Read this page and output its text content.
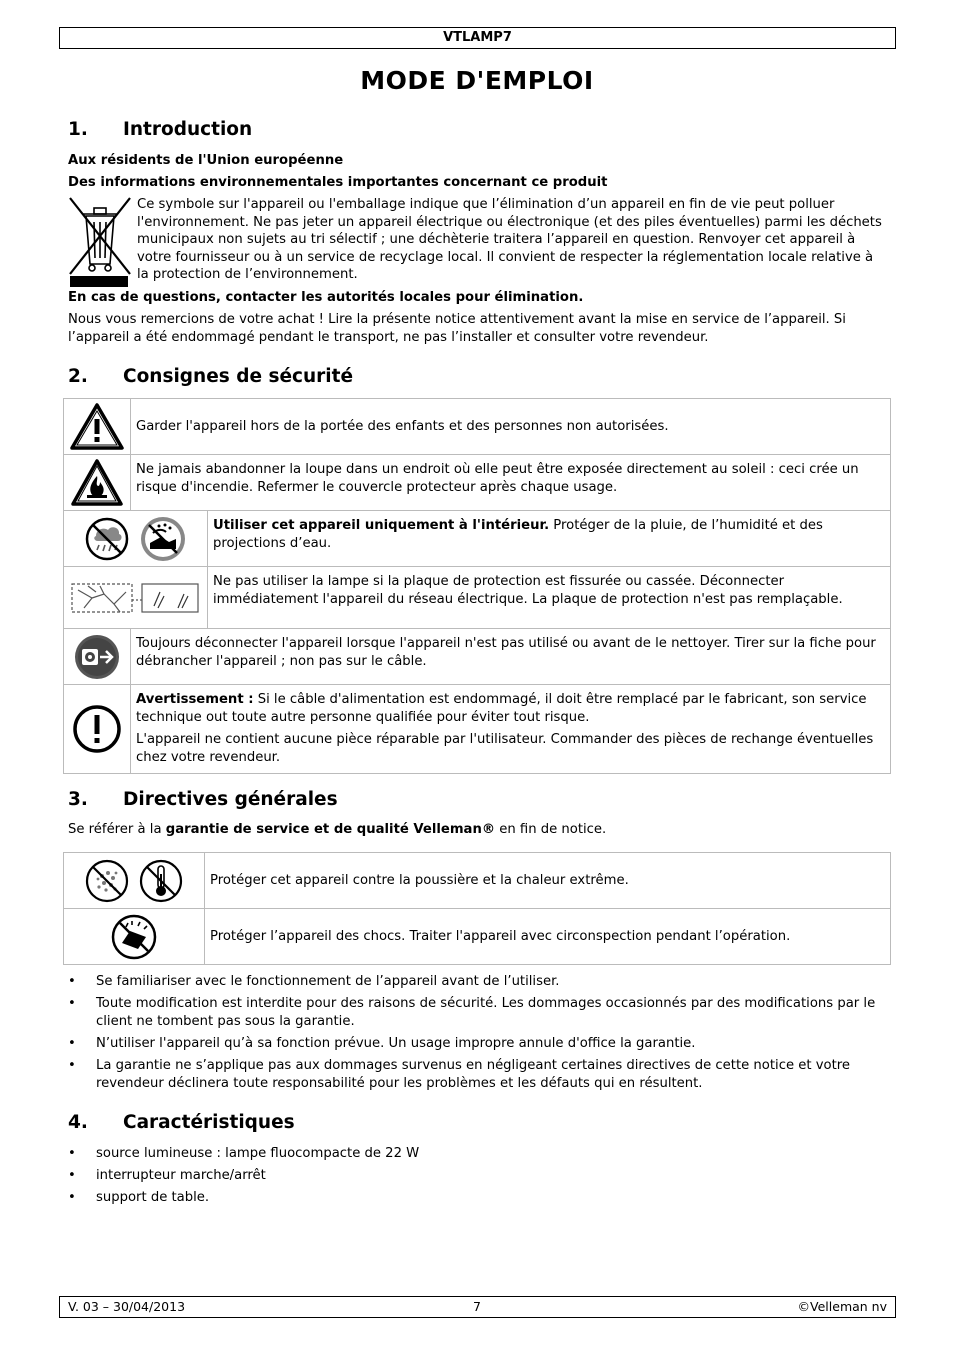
VTLAMP7
MODE D'EMPLOI
1. Introduction
Aux résidents de l'Union européenne
Des informations environnementales importantes concernant ce produit
Ce symbole sur l'appareil ou l'emballage indique que l’élimination d’un appareil en fin de vie peut polluer l'environnement. Ne pas jeter un appareil électrique ou électronique (et des piles éventuelles) parmi les déchets municipaux non sujets au tri sélectif ; une déchèterie traitera l’appareil en question. Renvoyer cet appareil à votre fournisseur ou à un service de recyclage local. Il convient de respecter la réglementation locale relative à la protection de l’environnement.
En cas de questions, contacter les autorités locales pour élimination.
Nous vous remercions de votre achat ! Lire la présente notice attentivement avant la mise en service de l’appareil. Si l’appareil a été endommagé pendant le transport, ne pas l’installer et consulter votre revendeur.
2. Consignes de sécurité
	Garder l'appareil hors de la portée des enfants et des personnes non autorisées.	
	Ne jamais abandonner la loupe dans un endroit où elle peut être exposée directement au soleil : ceci crée un risque d'incendie. Refermer le couvercle protecteur après chaque usage.	
	Utiliser cet appareil uniquement à l'intérieur. Protéger de la pluie, de l’humidité et des projections d’eau.
	Ne pas utiliser la lampe si la plaque de protection est fissurée ou cassée. Déconnecter immédiatement l'appareil du réseau électrique. La plaque de protection n'est pas remplaçable.
	Toujours déconnecter l'appareil lorsque l'appareil n'est pas utilisé ou avant de le nettoyer. Tirer sur la fiche pour débrancher l'appareil ; non pas sur le câble.	

Avertissement : Si le câble d'alimentation est endommagé, il doit être remplacé par le fabricant, son service technique out toute autre personne qualifiée pour éviter tout risque.

L'appareil ne contient aucune pièce réparable par l'utilisateur. Commander des pièces de rechange éventuelles chez votre revendeur.	

3. Directives générales
Se référer à la garantie de service et de qualité Velleman® en fin de notice.
	Protéger cet appareil contre la poussière et la chaleur extrême.
	Protéger l’appareil des chocs. Traiter l'appareil avec circonspection pendant l’opération.
• Se familiariser avec le fonctionnement de l’appareil avant de l’utiliser.
• Toute modification est interdite pour des raisons de sécurité. Les dommages occasionnés par des modifications par le client ne tombent pas sous la garantie.
• N’utiliser l'appareil qu’à sa fonction prévue. Un usage impropre annule d'office la garantie.
• La garantie ne s’applique pas aux dommages survenus en négligeant certaines directives de cette notice et votre revendeur déclinera toute responsabilité pour les problèmes et les défauts qui en résultent.
4. Caractéristiques
• source lumineuse : lampe fluocompacte de 22 W
• interrupteur marche/arrêt
• support de table.
V. 03 – 30/04/2013	7	©Velleman nv
